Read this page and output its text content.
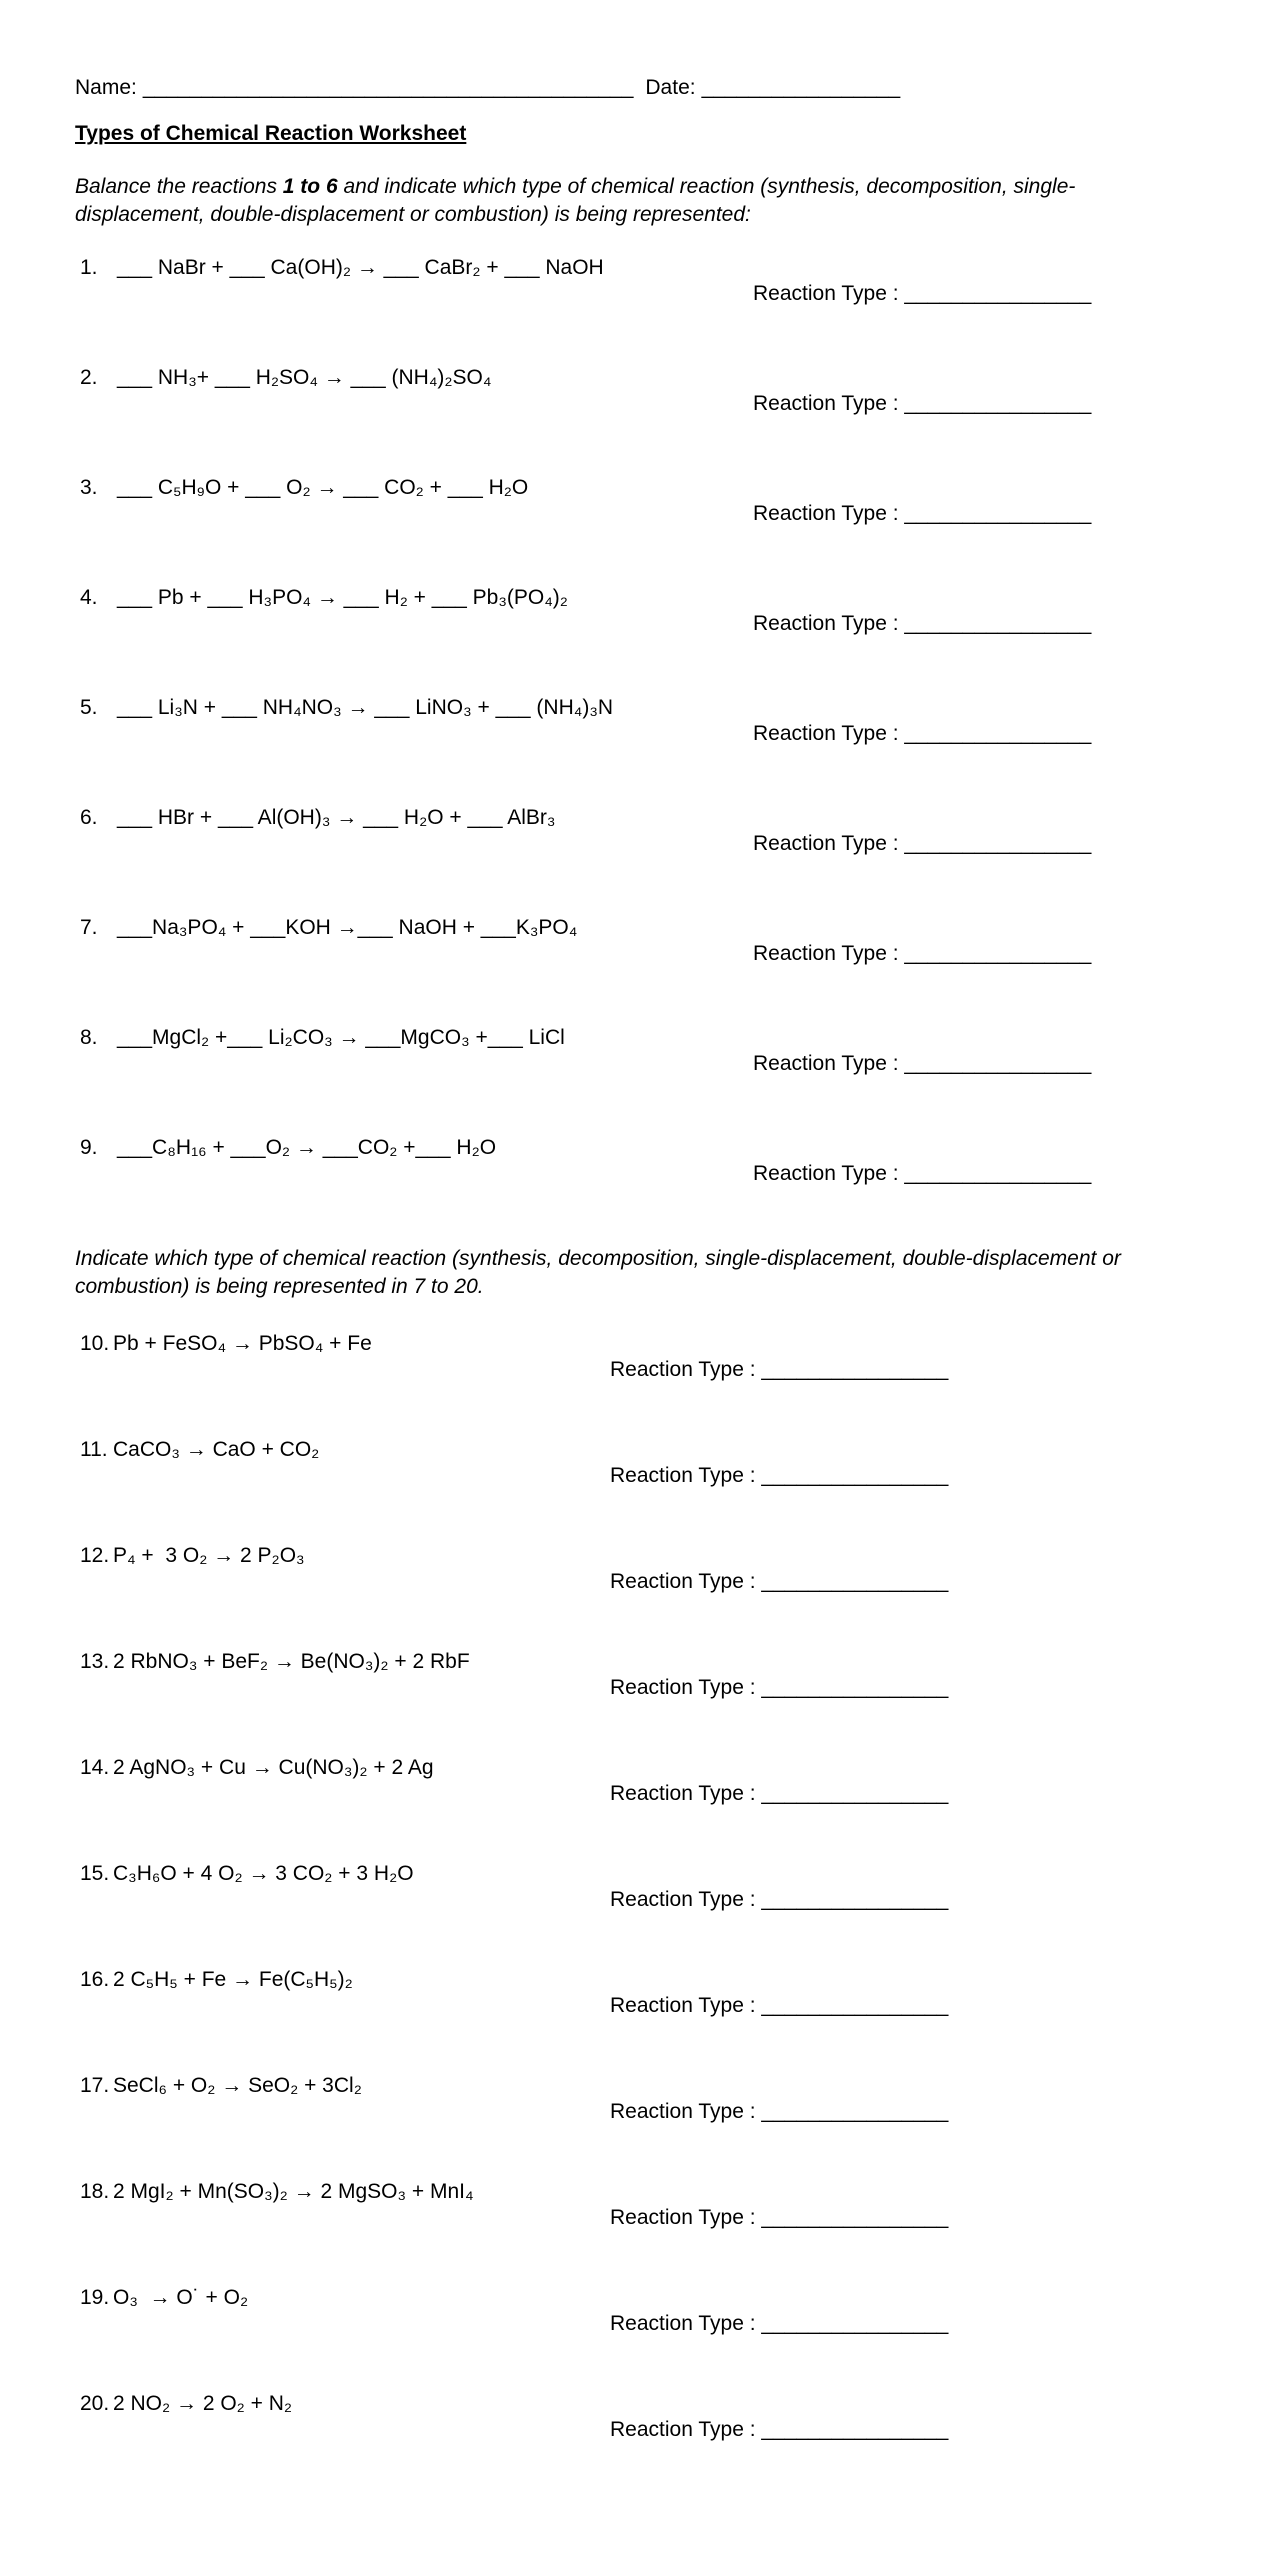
Name: __________________________________________ Date: _________________
Types of Chemical Reaction Worksheet

Balance the reactions 1 to 6 and indicate which type of chemical reaction (synthesis, decomposition, single-displacement, double-displacement or combustion) is being represented:

1. ___ NaBr + ___ Ca(OH)₂ → ___ CaBr₂ + ___ NaOH

Reaction Type : ________________

2. ___ NH₃+ ___ H₂SO₄ → ___ (NH₄)₂SO₄

Reaction Type : ________________

3. ___ C₅H₉O + ___ O₂ → ___ CO₂ + ___ H₂O

Reaction Type : ________________

4. ___ Pb + ___ H₃PO₄ → ___ H₂ + ___ Pb₃(PO₄)₂

Reaction Type : ________________

5. ___ Li₃N + ___ NH₄NO₃ → ___ LiNO₃ + ___ (NH₄)₃N

Reaction Type : ________________

6. ___ HBr + ___ Al(OH)₃ → ___ H₂O + ___ AlBr₃

Reaction Type : ________________

7. ___Na₃PO₄ + ___KOH →___ NaOH + ___K₃PO₄

Reaction Type : ________________

8. ___MgCl₂ +___ Li₂CO₃ → ___MgCO₃ +___ LiCl

Reaction Type : ________________

9. ___C₈H₁₆ + ___O₂ → ___CO₂ +___ H₂O

Reaction Type : ________________

Indicate which type of chemical reaction (synthesis, decomposition, single-displacement, double-displacement or combustion) is being represented in 7 to 20.

10. Pb + FeSO₄ → PbSO₄ + Fe

Reaction Type : ________________

11. CaCO₃ → CaO + CO₂

Reaction Type : ________________

12. P₄ +  3 O₂ → 2 P₂O₃

Reaction Type : ________________

13. 2 RbNO₃ + BeF₂ → Be(NO₃)₂ + 2 RbF

Reaction Type : ________________

14. 2 AgNO₃ + Cu → Cu(NO₃)₂ + 2 Ag

Reaction Type : ________________

15. C₃H₆O + 4 O₂ → 3 CO₂ + 3 H₂O

Reaction Type : ________________

16. 2 C₅H₅ + Fe → Fe(C₅H₅)₂

Reaction Type : ________________

17. SeCl₆ + O₂ → SeO₂ + 3Cl₂

Reaction Type : ________________

18. 2 MgI₂ + Mn(SO₃)₂ → 2 MgSO₃ + MnI₄

Reaction Type : ________________

19. O₃  → O˙ + O₂

Reaction Type : ________________

20. 2 NO₂ → 2 O₂ + N₂

Reaction Type : ________________
